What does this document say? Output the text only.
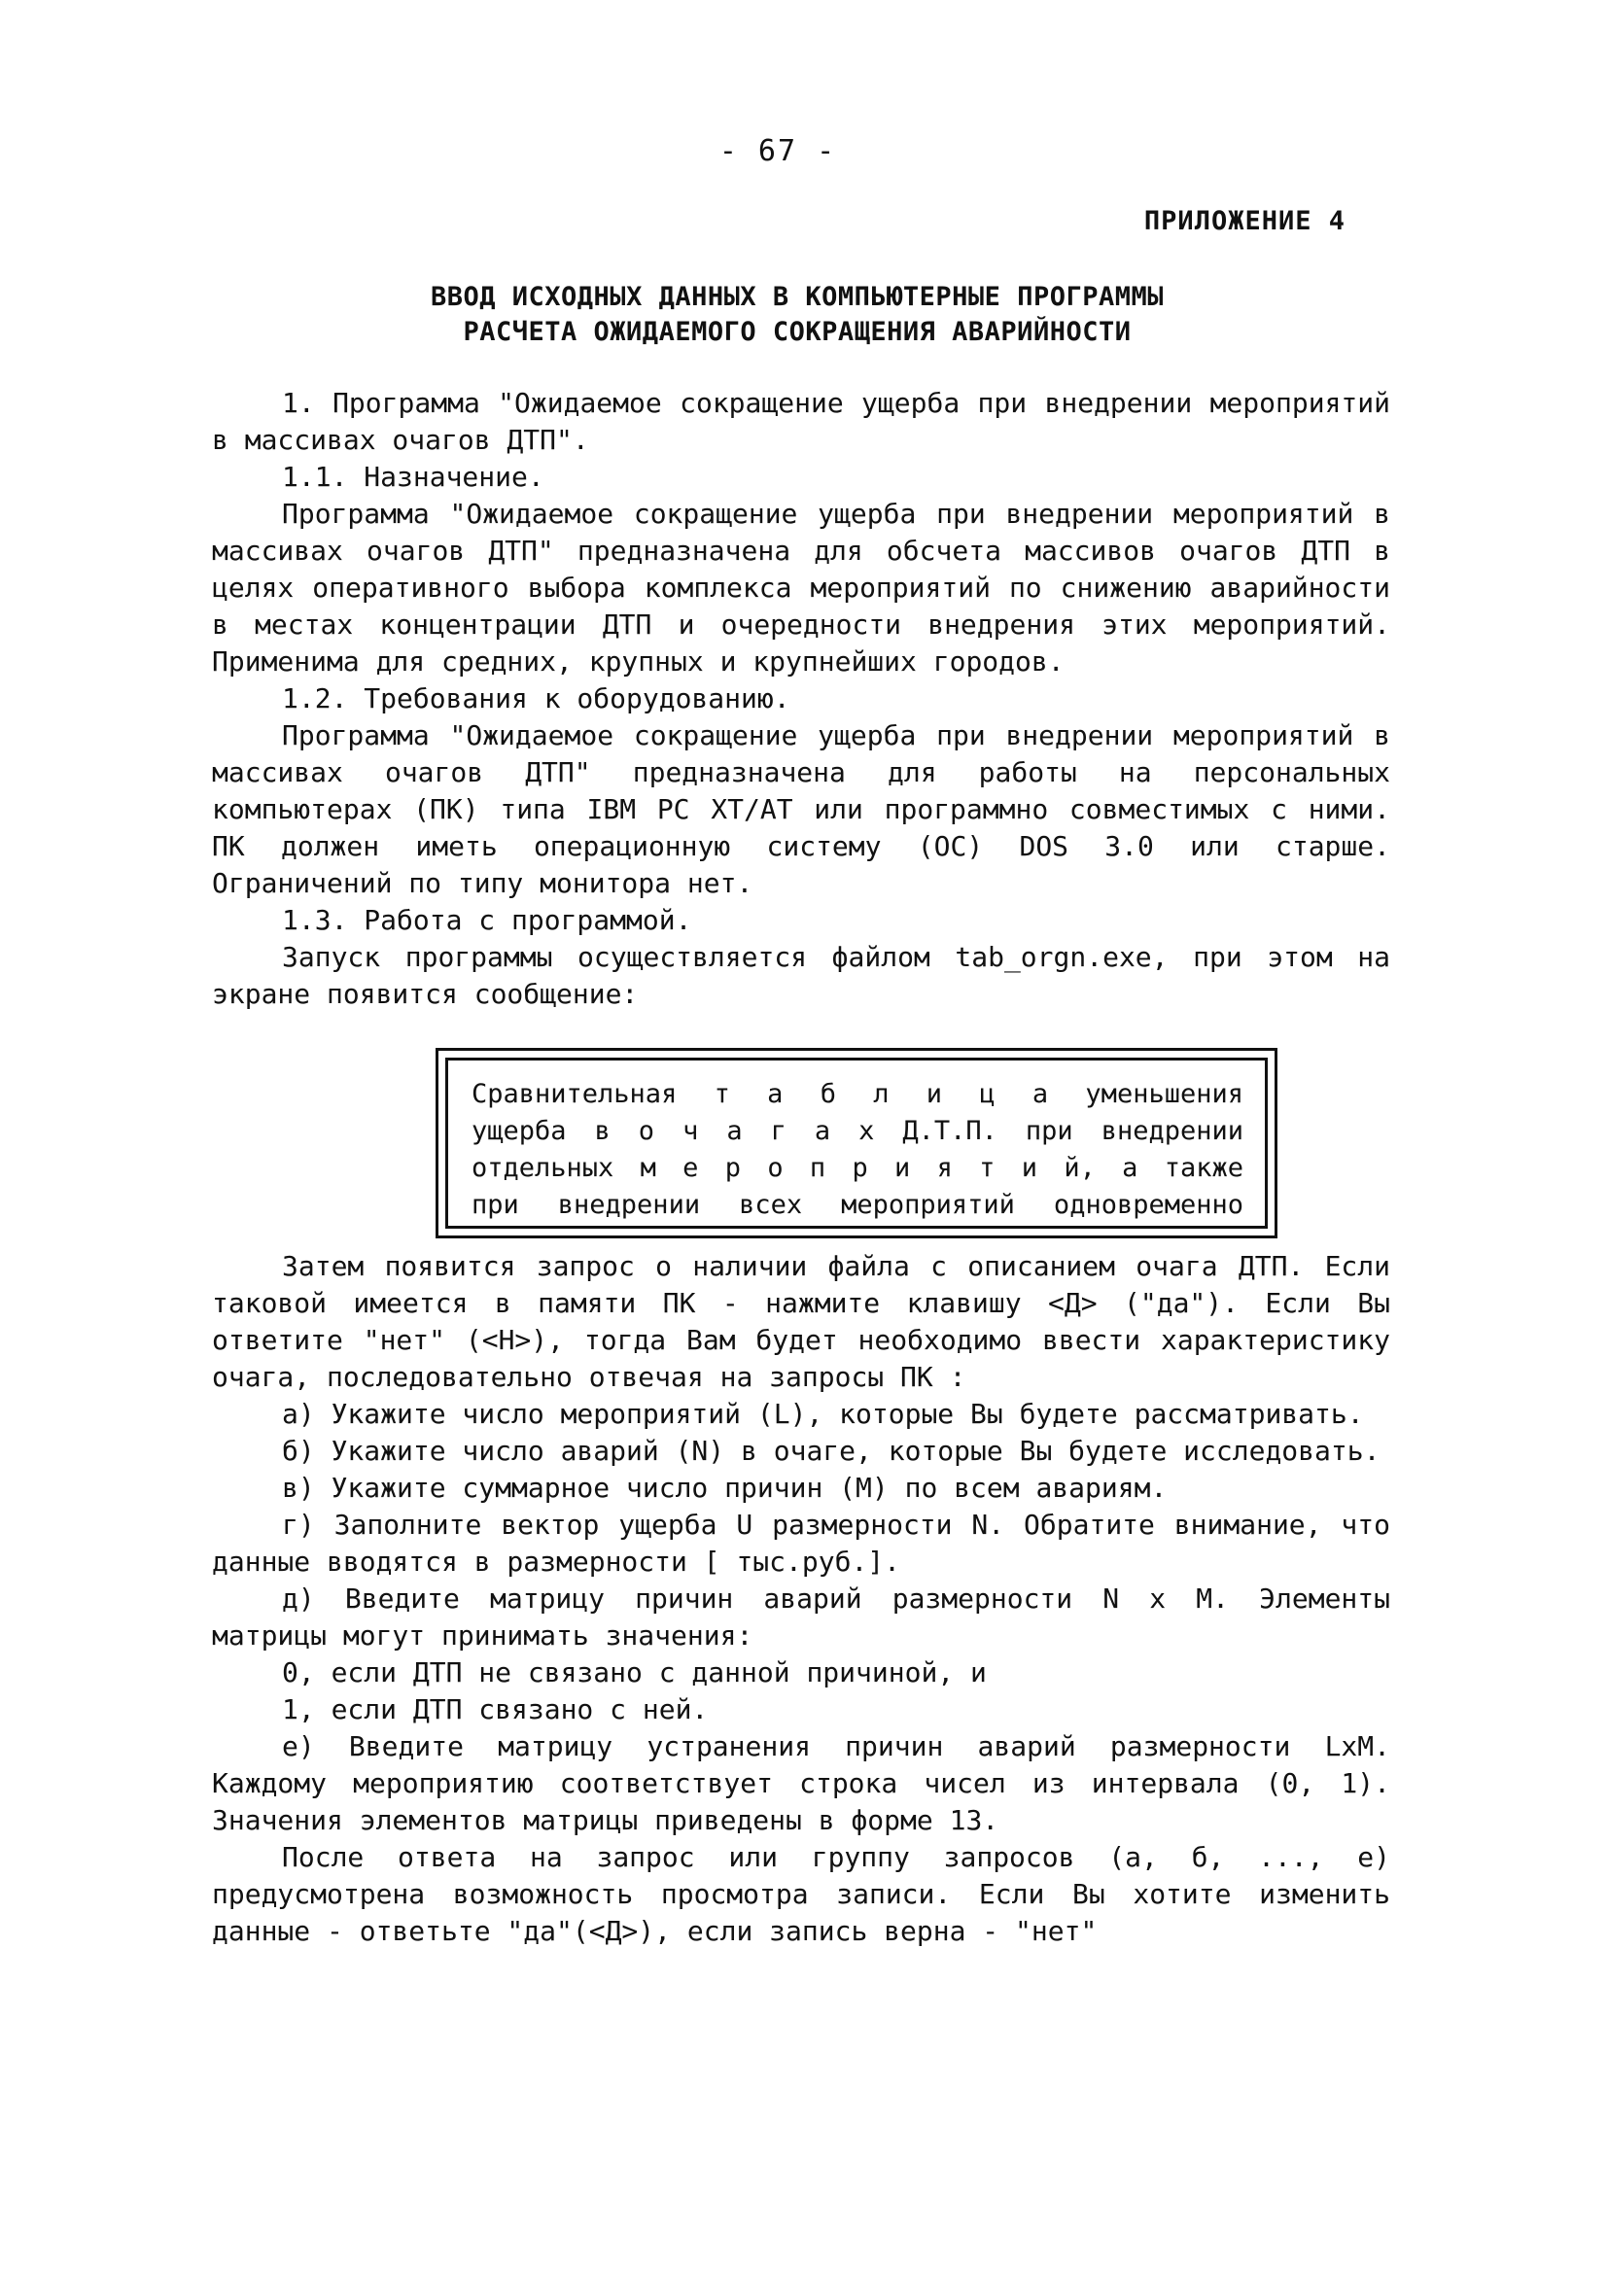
- 67 -
ПРИЛОЖЕНИЕ 4
ВВОД ИСХОДНЫХ ДАННЫХ В КОМПЬЮТЕРНЫЕ ПРОГРАММЫ
РАСЧЕТА ОЖИДАЕМОГО СОКРАЩЕНИЯ АВАРИЙНОСТИ

1. Программа "Ожидаемое сокращение ущерба при внедрении мероприятий в массивах очагов ДТП".

1.1. Назначение.

Программа "Ожидаемое сокращение ущерба при внедрении мероприятий в массивах очагов ДТП" предназначена для обсчета массивов очагов ДТП в целях оперативного выбора комплекса мероприятий по снижению аварийности в местах концентрации ДТП и очередности внедрения этих мероприятий. Применима для средних, крупных и крупнейших городов.

1.2. Требования к оборудованию.

Программа "Ожидаемое сокращение ущерба при внедрении мероприятий в массивах очагов ДТП" предназначена для работы на персональных компьютерах (ПК) типа IBM PC XT/AT или программно совместимых с ними. ПК должен иметь операционную систему (ОС) DOS 3.0 или старше. Ограничений по типу монитора нет.

1.3. Работа с программой.

Запуск программы осуществляется файлом tab_orgn.exe, при этом на экране появится сообщение:

Сравнительная т а б л и ц а уменьшения
ущерба в о ч а г а х Д.Т.П. при внедрении
отдельных м е р о п р и я т и й, а также
при внедрении всех мероприятий одновременно

Затем появится запрос о наличии файла с описанием очага ДТП. Если таковой имеется в памяти ПК - нажмите клавишу <Д> ("да"). Если Вы ответите "нет" (<Н>), тогда Вам будет необходимо ввести характеристику очага, последовательно отвечая на запросы ПК :

а) Укажите число мероприятий (L), которые Вы будете рассматривать.

б) Укажите число аварий (N) в очаге, которые Вы будете исследовать.

в) Укажите суммарное число причин (М) по всем авариям.

г) Заполните вектор ущерба U размерности N. Обратите внимание, что данные вводятся в размерности [ тыс.руб.].

д) Введите матрицу причин аварий размерности N x M. Элементы матрицы могут принимать значения:

0, если ДТП не связано с данной причиной, и

1, если ДТП связано с ней.

е) Введите матрицу устранения причин аварий размерности LxM. Каждому мероприятию соответствует строка чисел из интервала (0, 1). Значения элементов матрицы приведены в форме 13.

После ответа на запрос или группу запросов (а, б, ..., е) предусмотрена возможность просмотра записи. Если Вы хотите изменить данные - ответьте "да"(<Д>), если запись верна - "нет"
